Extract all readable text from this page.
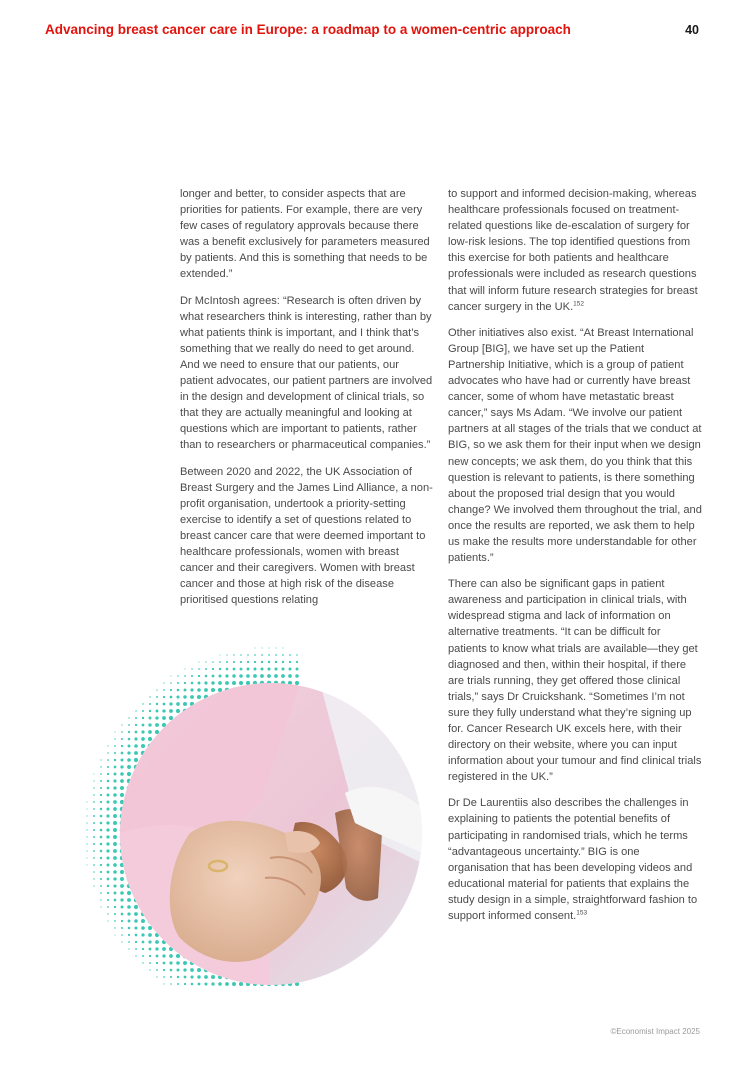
Advancing breast cancer care in Europe: a roadmap to a women-centric approach	40

longer and better, to consider aspects that are priorities for patients. For example, there are very few cases of regulatory approvals because there was a benefit exclusively for parameters measured by patients. And this is something that needs to be extended.”

Dr McIntosh agrees: “Research is often driven by what researchers think is interesting, rather than by what patients think is important, and I think that’s something that we really do need to get around. And we need to ensure that our patients, our patient advocates, our patient partners are involved in the design and development of clinical trials, so that they are actually meaningful and looking at questions which are important to patients, rather than to researchers or pharmaceutical companies.”

Between 2020 and 2022, the UK Association of Breast Surgery and the James Lind Alliance, a non-profit organisation, undertook a priority-setting exercise to identify a set of questions related to breast cancer care that were deemed important to healthcare professionals, women with breast cancer and their caregivers. Women with breast cancer and those at high risk of the disease prioritised questions relating

to support and informed decision-making, whereas healthcare professionals focused on treatment-related questions like de-escalation of surgery for low-risk lesions. The top identified questions from this exercise for both patients and healthcare professionals were included as research questions that will inform future research strategies for breast cancer surgery in the UK.$^{152}$

Other initiatives also exist. “At Breast International Group [BIG], we have set up the Patient Partnership Initiative, which is a group of patient advocates who have had or currently have breast cancer, some of whom have metastatic breast cancer,” says Ms Adam. “We involve our patient partners at all stages of the trials that we conduct at BIG, so we ask them for their input when we design new concepts; we ask them, do you think that this question is relevant to patients, is there something about the proposed trial design that you would change? We involved them throughout the trial, and once the results are reported, we ask them to help us make the results more understandable for other patients.”

There can also be significant gaps in patient awareness and participation in clinical trials, with widespread stigma and lack of information on alternative treatments. “It can be difficult for patients to know what trials are available—they get diagnosed and then, within their hospital, if there are trials running, they get offered those clinical trials,” says Dr Cruickshank. “Sometimes I’m not sure they fully understand what they’re signing up for. Cancer Research UK excels here, with their directory on their website, where you can input information about your tumour and find clinical trials registered in the UK.”

Dr De Laurentiis also describes the challenges in explaining to patients the potential benefits of participating in randomised trials, which he terms “advantageous uncertainty.” BIG is one organisation that has been developing videos and educational material for patients that explains the study design in a simple, straightforward fashion to support informed consent.$^{153}$

©Economist Impact 2025
